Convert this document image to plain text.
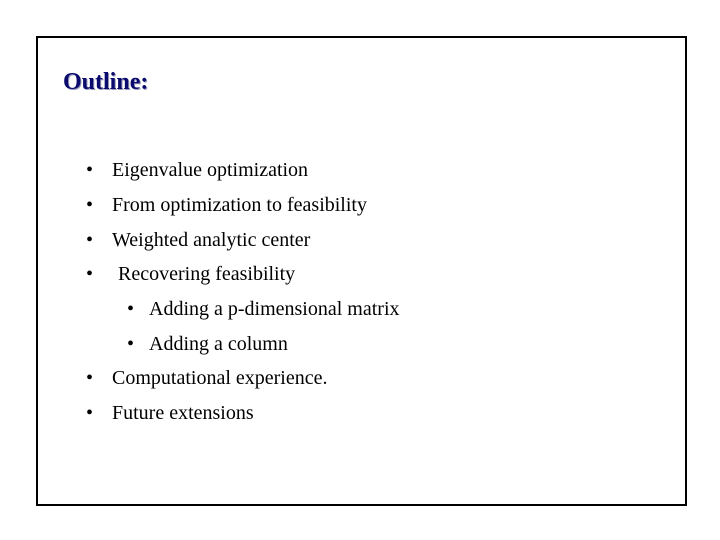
Outline:
• Eigenvalue optimization
• From optimization to feasibility
• Weighted analytic center
• Recovering feasibility
• Adding a p-dimensional matrix
• Adding a column
• Computational experience.
• Future extensions
